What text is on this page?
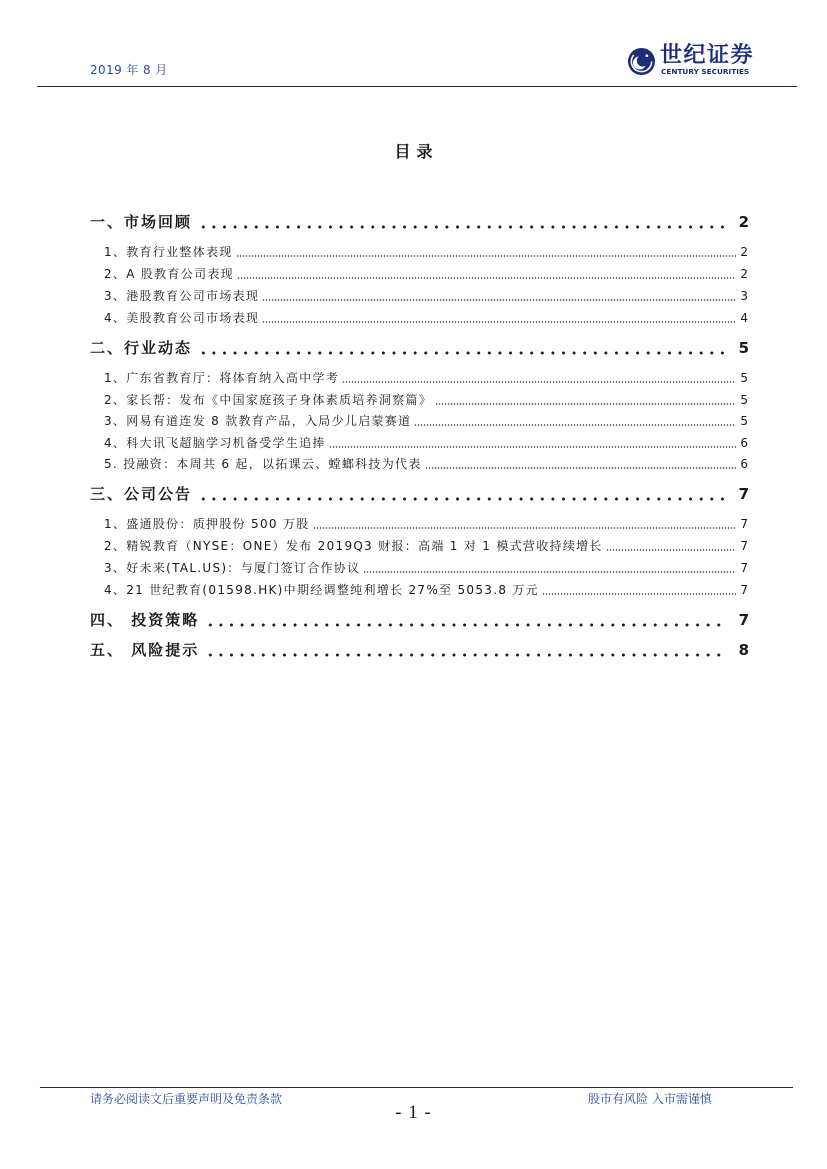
2019 年 8 月
世纪证券
CENTURY SECURITIES
目录
一、市场回顾	2
1、教育行业整体表现	2
2、A 股教育公司表现	2
3、港股教育公司市场表现	3
4、美股教育公司市场表现	4
二、行业动态	5
1、广东省教育厅：将体育纳入高中学考	5
2、家长帮：发布《中国家庭孩子身体素质培养洞察篇》	5
3、网易有道连发 8 款教育产品，入局少儿启蒙赛道	5
4、科大讯飞超脑学习机备受学生追捧	6
5. 投融资：本周共 6 起，以拓课云、螳螂科技为代表	6
三、公司公告	7
1、盛通股份：质押股份 500 万股	7
2、精锐教育（NYSE：ONE）发布 2019Q3 财报：高端 1 对 1 模式营收持续增长	7
3、好未来(TAL.US)：与厦门签订合作协议	7
4、21 世纪教育(01598.HK)中期经调整纯利增长 27%至 5053.8 万元	7
四、 投资策略	7
五、 风险提示	8
请务必阅读文后重要声明及免责条款	股市有风险 入市需谨慎
- 1 -
